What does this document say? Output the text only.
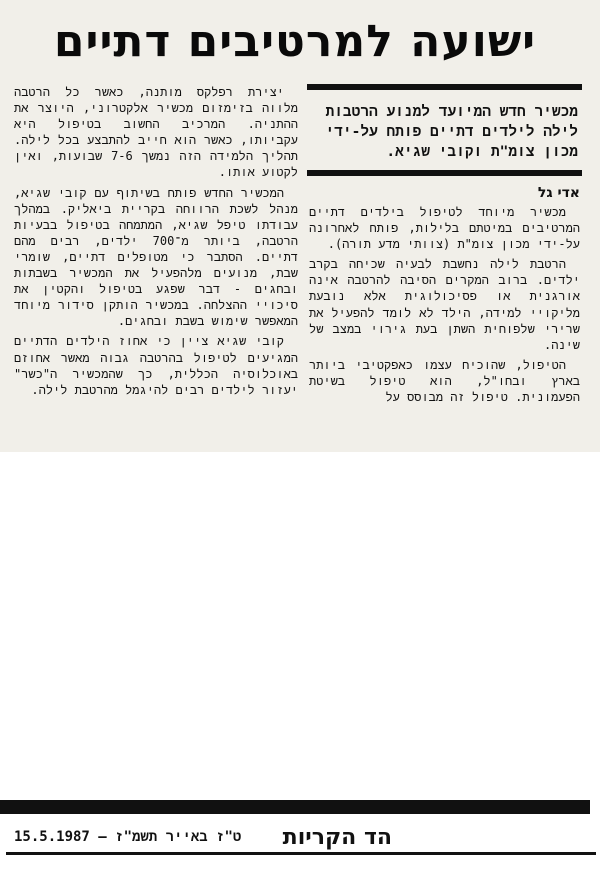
ישועה למרטיבים דתיים
מכשיר חדש המיועד למנוע הרטבות לילה לילדים דתיים פותח על-ידי מכון צומ"ת וקובי שגיא.
אדי גל

מכשיר מיוחד לטיפול בילדים דתיים המרטיבים במיטתם בלילות, פותח לאחרונה על-ידי מכון צומ"ת (צוותי מדע תורה).

הרטבת לילה נחשבת לבעיה שכיחה בקרב ילדים. ברוב המקרים הסיבה להרטבה אינה אורגנית או פסיכולוגית אלא נובעת מליקויי למידה, הילד לא לומד להפעיל את שרירי שלפוחית השתן בעת גירוי במצב של שינה.

הטיפול, שהוכיח עצמו כאפקטיבי ביותר בארץ ובחו"ל, הוא טיפול בשיטת הפעמונית. טיפול זה מבוסס על

יצירת רפלקס מותנה, כאשר כל הרטבה מלווה בזימזום מכשיר אלקטרוני, היוצר את ההתניה. המרכיב החשוב בטיפול היא עקביותו, כאשר הוא חייב להתבצע בכל לילה. תהליך הלמידה הזה נמשך 7-6 שבועות, ואין לקטוע אותו.

המכשיר החדש פותח בשיתוף עם קובי שגיא, מנהל לשכת הרווחה בקריית ביאליק. במהלך עבודתו טיפל שגיא, המתמחה בטיפול בבעיות הרטבה, ביותר מ־700 ילדים, רבים מהם דתיים. הסתבר כי מטופלים דתיים, שומרי שבת, מנועים מלהפעיל את המכשיר בשבתות ובחגים - דבר שפגע בטיפול והקטין את סיכויי ההצלחה. במכשיר הותקן סידור מיוחד המאפשר שימוש בשבת ובחגים.

קובי שגיא ציין כי אחוז הילדים הדתיים המגיעים לטיפול בהרטבה גבוה מאשר אחוזם באוכלוסיה הכללית, כך שהמכשיר ה"כשר" יעזור לילדים רבים להיגמל מהרטבת לילה.

הד הקריות
ט"ז באייר תשמ"ז – 15.5.1987
